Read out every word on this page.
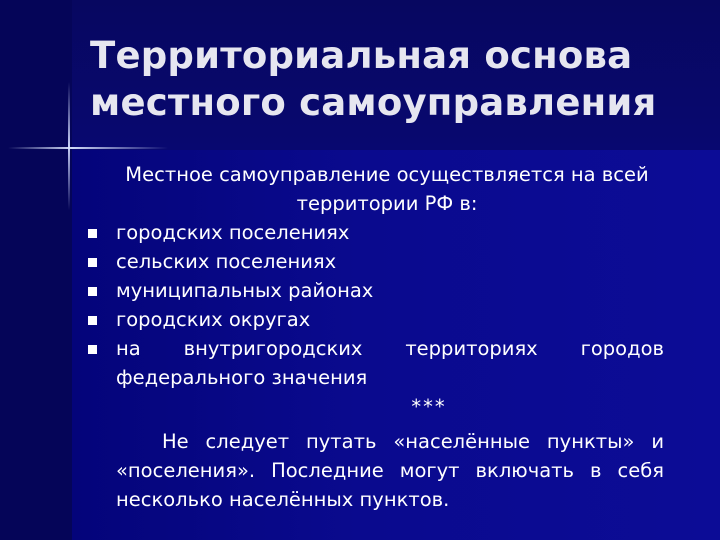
Территориальная основа
местного самоуправления
Местное самоуправление осуществляется на всей территории РФ в:
городских поселениях
сельских поселениях
муниципальных районах
городских округах
на внутригородских территориях городов
федерального значения
***
Не следует путать «населённые пункты» и «поселения». Последние могут включать в себя несколько населённых пунктов.
